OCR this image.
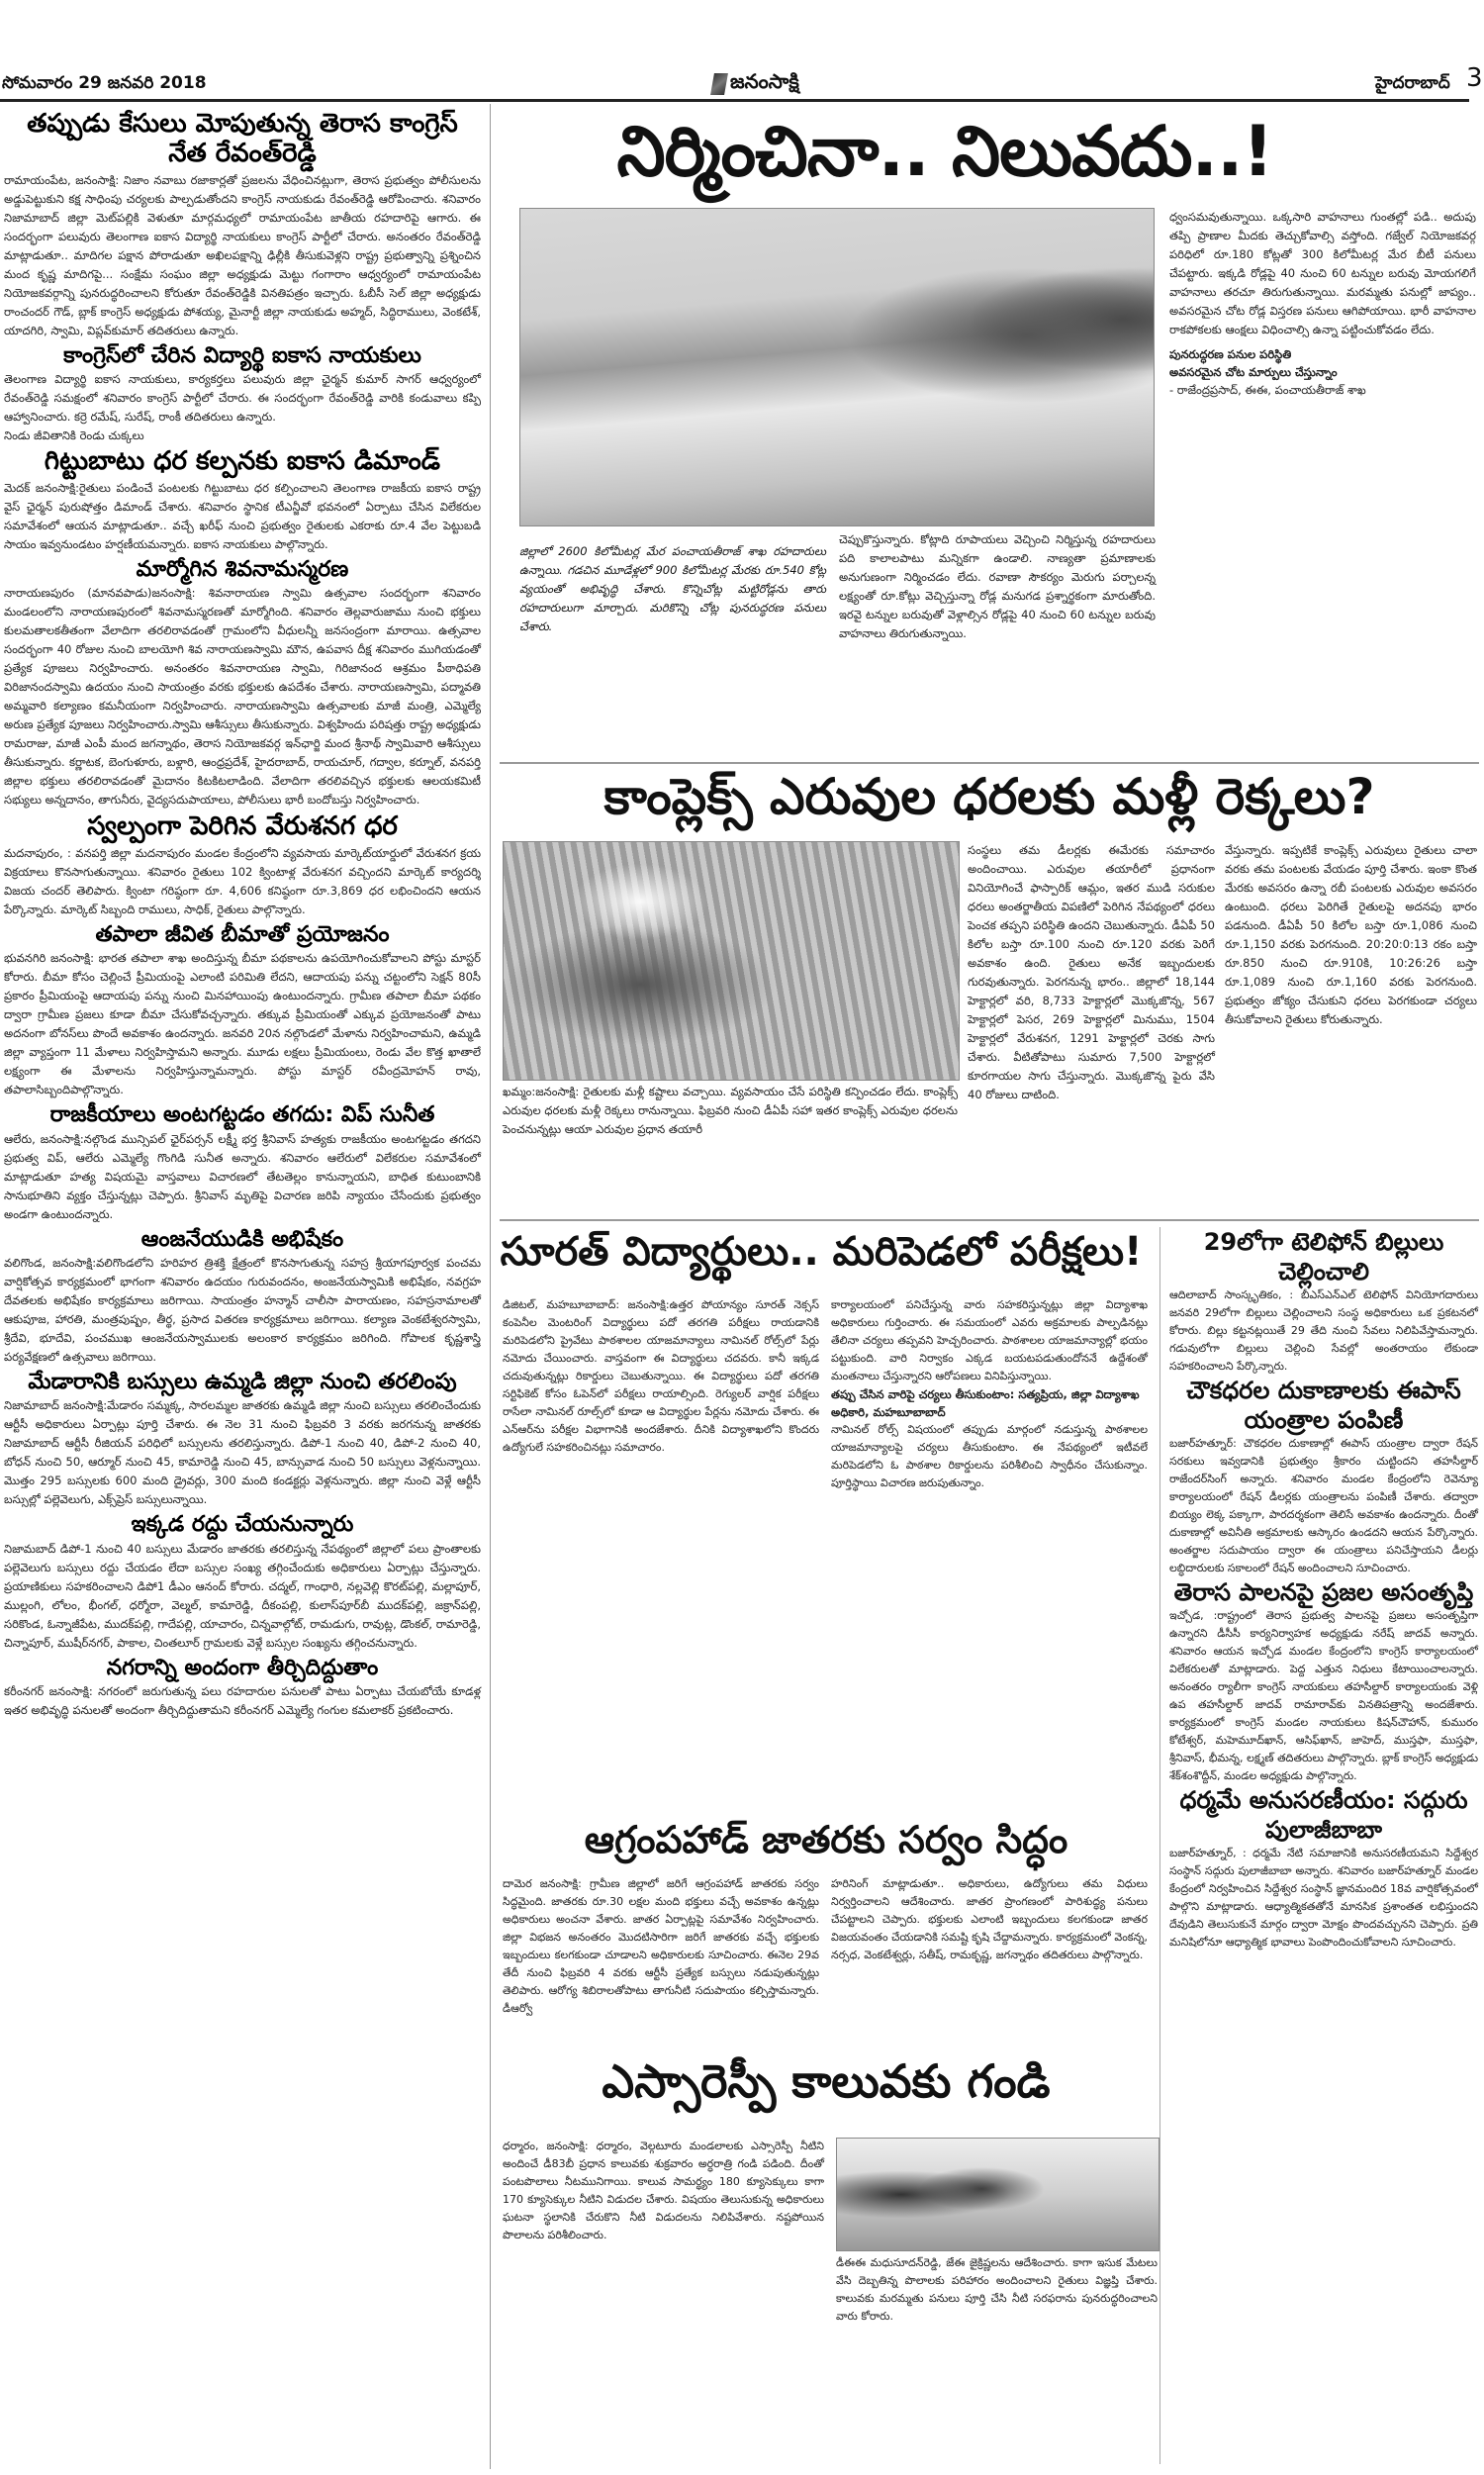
సోమవారం 29 జనవరి 2018	జనంసాక్షి	హైదరాబాద్ 3
తప్పుడు కేసులు మోపుతున్న తెరాస కాంగ్రెస్ నేత రేవంత్‌రెడ్డి

రామాయంపేట, జనంసాక్షి: నిజాం నవాబు రజాకార్లతో ప్రజలను వేధించినట్లుగా, తెరాస ప్రభుత్వం పోలీసులను అడ్డుపెట్టుకుని కక్ష సాధింపు చర్యలకు పాల్పడుతోందని కాంగ్రెస్ నాయకుడు రేవంత్‌రెడ్డి ఆరోపించారు. శనివారం నిజామాబాద్ జిల్లా మెట్‌పల్లికి వెళుతూ మార్గమధ్యలో రామాయంపేట జాతీయ రహదారిపై ఆగారు. ఈ సందర్భంగా పలువురు తెలంగాణ ఐకాస విద్యార్థి నాయకులు కాంగ్రెస్ పార్టీలో చేరారు. అనంతరం రేవంత్‌రెడ్డి మాట్లాడుతూ.. మాదిగల పక్షాన పోరాడుతూ అఖిలపక్షాన్ని ఢిల్లీకి తీసుకువెళ్లని రాష్ట్ర ప్రభుత్వాన్ని ప్రశ్నించిన మంద కృష్ణ మాదిగపై... సంక్షేమ సంఘం జిల్లా అధ్యక్షుడు మెట్టు గంగారాం ఆధ్వర్యంలో రామాయంపేట నియోజకవర్గాన్ని పునరుద్ధరించాలని కోరుతూ రేవంత్‌రెడ్డికి వినతిపత్రం ఇచ్చారు. ఓబీసీ సెల్ జిల్లా అధ్యక్షుడు రాంచందర్ గౌడ్, బ్లాక్ కాంగ్రెస్ అధ్యక్షుడు పోశయ్య, మైనార్టీ జిల్లా నాయకుడు అహ్మద్, సిద్ధిరాములు, వెంకటేశ్, యాదగిరి, స్వామి, విప్లవ్‌కుమార్ తదితరులు ఉన్నారు.

కాంగ్రెస్‌లో చేరిన విద్యార్థి ఐకాస నాయకులు

తెలంగాణ విద్యార్థి ఐకాస నాయకులు, కార్యకర్తలు పలువురు జిల్లా ఛైర్మన్ కుమార్ సాగర్ ఆధ్వర్యంలో రేవంత్‌రెడ్డి సమక్షంలో శనివారం కాంగ్రెస్ పార్టీలో చేరారు. ఈ సందర్భంగా రేవంత్‌రెడ్డి వారికి కండువాలు కప్పి ఆహ్వానించారు. కర్రె రమేష్, సురేష్, రాంకీ తదితరులు ఉన్నారు.

నిండు జీవితానికి రెండు చుక్కలు
గిట్టుబాటు ధర కల్పనకు ఐకాస డిమాండ్

మెదక్ జనంసాక్షి:రైతులు పండించే పంటలకు గిట్టుబాటు ధర కల్పించాలని తెలంగాణ రాజకీయ ఐకాస రాష్ట్ర వైస్ ఛైర్మన్ పురుషోత్తం డిమాండ్ చేశారు. శనివారం స్థానిక టీఎన్జీవో భవనంలో ఏర్పాటు చేసిన విలేకరుల సమావేశంలో ఆయన మాట్లాడుతూ.. వచ్చే ఖరీఫ్ నుంచి ప్రభుత్వం రైతులకు ఎకరాకు రూ.4 వేల పెట్టుబడి సాయం ఇవ్వనుండటం హర్షణీయమన్నారు. ఐకాస నాయకులు పాల్గొన్నారు.

మార్మోగిన శివనామస్మరణ

నారాయణపురం (మానవపాడు)జనంసాక్షి: శివనారాయణ స్వామి ఉత్సవాల సందర్భంగా శనివారం మండలంలోని నారాయణపురంలో శివనామస్మరణతో మార్మోగింది. శనివారం తెల్లవారుజాము నుంచి భక్తులు కులమతాలకతీతంగా వేలాదిగా తరలిరావడంతో గ్రామంలోని వీధులన్నీ జనసంద్రంగా మారాయి. ఉత్సవాల సందర్భంగా 40 రోజుల నుంచి బాలయోగి శివ నారాయణస్వామి మౌన, ఉపవాస దీక్ష శనివారం ముగియడంతో ప్రత్యేక పూజలు నిర్వహించారు. అనంతరం శివనారాయణ స్వామి, గిరిజానంద ఆశ్రమం పీఠాధిపతి విరిజానందస్వామి ఉదయం నుంచి సాయంత్రం వరకు భక్తులకు ఉపదేశం చేశారు. నారాయణస్వామి, పద్మావతి అమ్మవారి కల్యాణం కమనీయంగా నిర్వహించారు. నారాయణస్వామి ఉత్సవాలకు మాజీ మంత్రి, ఎమ్మెల్యే అరుణ ప్రత్యేక పూజలు నిర్వహించారు.స్వామి ఆశీస్సులు తీసుకున్నారు. విశ్వహిందు పరిషత్తు రాష్ట్ర అధ్యక్షుడు రామరాజు, మాజీ ఎంపీ మంద జగన్నాథం, తెరాస నియోజకవర్గ ఇన్‌ఛార్జి మంద శ్రీనాథ్ స్వామివారి ఆశీస్సులు తీసుకున్నారు. కర్ణాటక, బెంగుళూరు, బళ్లారి, ఆంధ్రప్రదేశ్, హైదరాబాద్, రాయచూర్, గద్వాల, కర్నూల్, వనపర్తి జిల్లాల భక్తులు తరలిరావడంతో మైదానం కిటకిటలాడింది. వేలాదిగా తరలివచ్చిన భక్తులకు ఆలయకమిటీ సభ్యులు అన్నదానం, తాగునీరు, వైద్యసదుపాయాలు, పోలీసులు భారీ బందోబస్తు నిర్వహించారు.

స్వల్పంగా పెరిగిన వేరుశనగ ధర

మదనాపురం, : వనపర్తి జిల్లా మదనాపురం మండల కేంద్రంలోని వ్యవసాయ మార్కెట్‌యార్డులో వేరుశనగ క్రయ విక్రయాలు కొనసాగుతున్నాయి. శనివారం రైతులు 102 క్వింటాళ్ల వేరుశనగ వచ్చిందని మార్కెట్ కార్యదర్శి విజయ చందర్ తెలిపారు. క్వింటా గరిష్ఠంగా రూ. 4,606 కనిష్ఠంగా రూ.3,869 ధర లభించిందని ఆయన పేర్కొన్నారు. మార్కెట్ సిబ్బంది రాములు, సాధిక్, రైతులు పాల్గొన్నారు.

తపాలా జీవిత బీమాతో ప్రయోజనం

భువనగిరి జనంసాక్షి: భారత తపాలా శాఖ అందిస్తున్న బీమా పథకాలను ఉపయోగించుకోవాలని పోస్టు మాస్టర్ కోరారు. బీమా కోసం చెల్లించే ప్రీమియంపై ఎలాంటి పరిమితి లేదని, ఆదాయపు పన్ను చట్టంలోని సెక్షన్ 80సీ ప్రకారం ప్రీమియంపై ఆదాయపు పన్ను నుంచి మినహాయింపు ఉంటుందన్నారు. గ్రామీణ తపాలా బీమా పథకం ద్వారా గ్రామీణ ప్రజలు కూడా బీమా చేసుకోవచ్చన్నారు. తక్కువ ప్రీమియంతో ఎక్కువ ప్రయోజనంతో పాటు అదనంగా బోనస్‌లు పొందే అవకాశం ఉందన్నారు. జనవరి 20న నల్గొండలో మేళాను నిర్వహించామని, ఉమ్మడి జిల్లా వ్యాప్తంగా 11 మేళాలు నిర్వహిస్తామని అన్నారు. మూడు లక్షలు ప్రీమియంలు, రెండు వేల కొత్త ఖాతాలే లక్ష్యంగా ఈ మేళాలను నిర్వహిస్తున్నామన్నారు. పోస్టు మాస్టర్ రవీంద్రమోహన్ రావు, తపాలాసిబ్బందిపాల్గొన్నారు.

రాజకీయాలు అంటగట్టడం తగదు: విప్ సునీత

ఆలేరు, జనంసాక్షి:నల్గొండ మున్సిపల్ ఛైర్‌పర్సన్ లక్ష్మీ భర్త శ్రీనివాస్ హత్యకు రాజకీయం అంటగట్టడం తగదని ప్రభుత్వ విప్, ఆలేరు ఎమ్మెల్యే గొంగిడి సునీత అన్నారు. శనివారం ఆలేరులో విలేకరుల సమావేశంలో మాట్లాడుతూ హత్య విషయమై వాస్తవాలు విచారణలో తేటతెల్లం కానున్నాయని, బాధిత కుటుంబానికి సానుభూతిని వ్యక్తం చేస్తున్నట్లు చెప్పారు. శ్రీనివాస్ మృతిపై విచారణ జరిపి న్యాయం చేసేందుకు ప్రభుత్వం అండగా ఉంటుందన్నారు.

ఆంజనేయుడికి అభిషేకం

వలిగొండ, జనంసాక్షి:వలిగొండలోని హరిహర త్రిశక్తి క్షేత్రంలో కొనసాగుతున్న సహస్ర శ్రీయాగపూర్వక పంచమ వార్షికోత్సవ కార్యక్రమంలో భాగంగా శనివారం ఉదయం గురువందనం, అంజనేయస్వామికి అభిషేకం, నవగ్రహ దేవతలకు అభిషేకం కార్యక్రమాలు జరిగాయి. సాయంత్రం హన్మాన్ చాలీసా పారాయణం, సహస్రనామాలతో ఆకుపూజ, హారతి, మంత్రపుష్పం, తీర్థ, ప్రసాద వితరణ కార్యక్రమాలు జరిగాయి. కల్యాణ వెంకటేశ్వరస్వామి, శ్రీదేవి, భూదేవి, పంచముఖ ఆంజనేయస్వాములకు అలంకార కార్యక్రమం జరిగింది. గోపాలక కృష్ణశాస్త్రి పర్యవేక్షణలో ఉత్సవాలు జరిగాయి.

మేడారానికి బస్సులు ఉమ్మడి జిల్లా నుంచి తరలింపు

నిజామాబాద్ జనంసాక్షి:మేడారం సమ్మక్క, సారలమ్మల జాతరకు ఉమ్మడి జిల్లా నుంచి బస్సులు తరలించేందుకు ఆర్టీసీ అధికారులు ఏర్పాట్లు పూర్తి చేశారు. ఈ నెల 31 నుంచి ఫిబ్రవరి 3 వరకు జరగనున్న జాతరకు నిజామాబాద్ ఆర్టీసీ రీజియన్ పరిధిలో బస్సులను తరలిస్తున్నారు. డిపో-1 నుంచి 40, డిపో-2 నుంచి 40, బోధన్ నుంచి 50, ఆర్మూర్ నుంచి 45, కామారెడ్డి నుంచి 45, బాన్సువాడ నుంచి 50 బస్సులు వెళ్లనున్నాయి. మొత్తం 295 బస్సులకు 600 మంది డ్రైవర్లు, 300 మంది కండక్టర్లు వెళ్లనున్నారు. జిల్లా నుంచి వెళ్లే ఆర్టీసీ బస్సుల్లో పల్లెవెలుగు, ఎక్స్‌ప్రెస్ బస్సులున్నాయి.

ఇక్కడ రద్దు చేయనున్నారు

నిజామబాద్ డిపో-1 నుంచి 40 బస్సులు మేడారం జాతరకు తరలిస్తున్న నేపథ్యంలో జిల్లాలో పలు ప్రాంతాలకు పల్లెవెలుగు బస్సులు రద్దు చేయడం లేదా బస్సుల సంఖ్య తగ్గించేందుకు అధికారులు ఏర్పాట్లు చేస్తున్నారు. ప్రయాణికులు సహకరించాలని డిపో1 డీఎం ఆనంద్ కోరారు. చద్మల్, గాంధారి, నల్లవెల్లి కొరట్‌పల్లి, మల్లాపూర్, ముల్లంగి, లోలం, భీంగల్, ధర్మోరా, వెల్మల్, కామారెడ్డి, దీకంపల్లి, కులాస్‌పూర్‌బీ ముదక్‌పల్లి, జక్రాన్‌పల్లి, సరికొండ, ఓన్నాజీపేట, ముదక్‌పల్లి, గాదేపల్లి, యాచారం, చిన్నవాల్గోట్, రామడుగు, రావుట్ల, డొంకల్, రామారెడ్డి, చిన్నాపూర్, ముషీర్‌నగర్, పాకాల, చింతలూర్ గ్రామలకు వెళ్లే బస్సుల సంఖ్యను తగ్గించనున్నారు.

నగరాన్ని అందంగా తీర్చిదిద్దుతాం

కరీంనగర్ జనంసాక్షి: నగరంలో జరుగుతున్న పలు రహదారుల పనులతో పాటు ఏర్పాటు చేయబోయే కూడళ్ల ఇతర అభివృద్ధి పనులతో అందంగా తీర్చిదిద్దుతామని కరీంనగర్ ఎమ్మెల్యే గంగుల కమలాకర్ ప్రకటించారు.

నిర్మించినా.. నిలువదు..!

జిల్లాలో 2600 కిలోమీటర్ల మేర పంచాయతీరాజ్ శాఖ రహదారులు ఉన్నాయి. గడచిన మూడేళ్లలో 900 కిలోమీటర్ల మేరకు రూ.540 కోట్ల వ్యయంతో అభివృద్ధి చేశారు. కొన్నిచోట్ల మట్టిరోడ్లను తారు రహదారులుగా మార్చారు. మరికొన్ని చోట్ల పునరుద్ధరణ పనులు చేశారు.

చెప్పుకొస్తున్నారు. కోట్లాది రూపాయలు వెచ్చించి నిర్మిస్తున్న రహదారులు పది కాలాలపాటు మన్నికగా ఉండాలి. నాణ్యతా ప్రమాణాలకు అనుగుణంగా నిర్మించడం లేదు. రవాణా సౌకర్యం మెరుగు పర్చాలన్న లక్ష్యంతో రూ.కోట్లు వెచ్చిస్తున్నా రోడ్ల మనుగడ ప్రశ్నార్థకంగా మారుతోంది. ఇరవై టన్నుల బరువుతో వెళ్లాల్సిన రోడ్లపై 40 నుంచి 60 టన్నుల బరువు వాహనాలు తిరుగుతున్నాయి.

ధ్వంసమవుతున్నాయి. ఒక్కసారి వాహనాలు గుంతల్లో పడి.. అదుపు తప్పి ప్రాణాల మీదకు తెచ్చుకోవాల్సి వస్తోంది. గజ్వేల్ నియోజకవర్గ పరిధిలో రూ.180 కోట్లతో 300 కిలోమీటర్ల మేర బీటీ పనులు చేపట్టారు. ఇక్కడి రోడ్లపై 40 నుంచి 60 టన్నుల బరువు మోయగలిగే వాహనాలు తరచూ తిరుగుతున్నాయి. మరమ్మతు పనుల్లో జాప్యం.. అవసరమైన చోట రోడ్ల విస్తరణ పనులు ఆగిపోయాయి. భారీ వాహనాల రాకపోకలకు ఆంక్షలు విధించాల్సి ఉన్నా పట్టించుకోవడం లేదు.

పునరుద్ధరణ పనుల పరిస్థితి
అవసరమైన చోట మార్పులు చేస్తున్నాం
- రాజేంద్రప్రసాద్, ఈఈ, పంచాయతీరాజ్ శాఖ
కాంప్లెక్స్ ఎరువుల ధరలకు మళ్లీ రెక్కలు?

ఖమ్మం:జనంసాక్షి: రైతులకు మళ్లీ కష్టాలు వచ్చాయి. వ్యవసాయం చేసే పరిస్థితి కన్పించడం లేదు. కాంప్లెక్స్ ఎరువుల ధరలకు మళ్లీ రెక్కలు రానున్నాయి. ఫిబ్రవరి నుంచి డీఏపీ సహా ఇతర కాంప్లెక్స్ ఎరువుల ధరలను పెంచనున్నట్లు ఆయా ఎరువుల ప్రధాన తయారీ

సంస్థలు తమ డీలర్లకు ఈమేరకు సమాచారం అందించాయి. ఎరువుల తయారీలో ప్రధానంగా వినియోగించే ఫాస్పారిక్ ఆమ్లం, ఇతర ముడి సరుకుల ధరలు అంతర్జాతీయ విపణిలో పెరిగిన నేపథ్యంలో ధరలు పెంచక తప్పని పరిస్థితి ఉందని చెబుతున్నారు. డీఏపీ 50 కిలోల బస్తా రూ.100 నుంచి రూ.120 వరకు పెరిగే అవకాశం ఉంది. రైతులు అనేక ఇబ్బందులకు గురవుతున్నారు. పెరగనున్న భారం.. జిల్లాలో 18,144 హెక్టార్లలో వరి, 8,733 హెక్టార్లలో మొక్కజొన్న, 567 హెక్టార్లలో పెసర, 269 హెక్టార్లలో మినుము, 1504 హెక్టార్లలో వేరుశనగ, 1291 హెక్టార్లలో చెరకు సాగు చేశారు. వీటితోపాటు సుమారు 7,500 హెక్టార్లలో కూరగాయల సాగు చేస్తున్నారు. మొక్కజొన్న పైరు వేసి 40 రోజులు దాటింది.

వేస్తున్నారు. ఇప్పటికే కాంప్లెక్స్ ఎరువులు రైతులు చాలా వరకు తమ పంటలకు వేయడం పూర్తి చేశారు. ఇంకా కొంత మేరకు అవసరం ఉన్నా రబీ పంటలకు ఎరువుల అవసరం ఉంటుంది. ధరలు పెరిగితే రైతులపై అదనపు భారం పడనుంది. డీఏపీ 50 కిలోల బస్తా రూ.1,086 నుంచి రూ.1,150 వరకు పెరగనుంది. 20:20:0:13 రకం బస్తా రూ.850 నుంచి రూ.910కి, 10:26:26 బస్తా రూ.1,089 నుంచి రూ.1,160 వరకు పెరగనుంది. ప్రభుత్వం జోక్యం చేసుకుని ధరలు పెరగకుండా చర్యలు తీసుకోవాలని రైతులు కోరుతున్నారు.

సూరత్ విద్యార్థులు.. మరిపెడలో పరీక్షలు!

డిజిటల్, మహబూబాబాద్: జనంసాక్షి:ఉత్తర పోయాన్యం సూరత్ నెక్సస్ కంపెనీల మెంటరింగ్ విద్యార్థులు పదో తరగతి పరీక్షలు రాయడానికి మరిపెడలోని ప్రైవేటు పాఠశాలల యాజమాన్యాలు నామినల్ రోల్స్‌లో పేర్లు నమోదు చేయించారు. వాస్తవంగా ఈ విద్యార్థులు చదవరు. కానీ ఇక్కడ చదువుతున్నట్లు రికార్డులు చెబుతున్నాయి. ఈ విద్యార్థులు పదో తరగతి సర్టిఫికెట్ కోసం ఓపెన్‌లో పరీక్షలు రాయాల్సింది. రెగ్యులర్ వార్షిక పరీక్షలు రాసేలా నామినల్ రూల్స్‌లో కూడా ఆ విద్యార్థుల పేర్లను నమోదు చేశారు. ఈ ఎన్ఆర్‌ను పరీక్షల విభాగానికి అందజేశారు. దీనికి విద్యాశాఖలోని కొందరు ఉద్యోగులే సహకరించినట్లు సమాచారం.

కార్యాలయంలో పనిచేస్తున్న వారు సహకరిస్తున్నట్లు జిల్లా విద్యాశాఖ అధికారులు గుర్తించారు. ఈ సమయంలో ఎవరు అక్రమాలకు పాల్పడినట్లు తేలినా చర్యలు తప్పవని హెచ్చరించారు. పాఠశాలల యాజమాన్యాల్లో భయం పట్టుకుంది. వారి నిర్వాకం ఎక్కడ బయటపడుతుందోననే ఉద్దేశంతో మంతనాలు చేస్తున్నారని ఆరోపణలు వినిపిస్తున్నాయి.

తప్పు చేసిన వారిపై చర్యలు తీసుకుంటాం: సత్యప్రియ, జిల్లా విద్యాశాఖ అధికారి, మహబూబాబాద్

నామినల్ రోల్స్ విషయంలో తప్పుడు మార్గంలో నడుస్తున్న పాఠశాలల యాజమాన్యాలపై చర్యలు తీసుకుంటాం. ఈ నేపథ్యంలో ఇటీవలే మరిపెడలోని ఓ పాఠశాల రికార్డులను పరిశీలించి స్వాధీనం చేసుకున్నాం. పూర్తిస్థాయి విచారణ జరుపుతున్నాం.

29లోగా టెలిఫోన్ బిల్లులు చెల్లించాలి

ఆదిలాబాద్ సాంస్కృతికం, : బీఎస్ఎన్ఎల్ టెలిఫోన్ వినియోగదారులు జనవరి 29లోగా బిల్లులు చెల్లించాలని సంస్థ అధికారులు ఒక ప్రకటనలో కోరారు. బిల్లు కట్టనట్లయితే 29 తేది నుంచి సేవలు నిలిపివేస్తామన్నారు. గడువులోగా బిల్లులు చెల్లించి సేవల్లో అంతరాయం లేకుండా సహకరించాలని పేర్కొన్నారు.

చౌకధరల దుకాణాలకు ఈపాస్ యంత్రాల పంపిణీ

బజార్‌హత్నూర్: చౌకధరల దుకాణాల్లో ఈపాస్ యంత్రాల ద్వారా రేషన్ సరకులు ఇవ్వడానికి ప్రభుత్వం శ్రీకారం చుట్టిందని తహసీల్దార్ రాజేందర్‌సింగ్ అన్నారు. శనివారం మండల కేంద్రంలోని రెవెన్యూ కార్యాలయంలో రేషన్ డీలర్లకు యంత్రాలను పంపిణీ చేశారు. తద్వారా బియ్యం లెక్క పక్కాగా, పారదర్శకంగా తెలిసే అవకాశం ఉందన్నారు. దీంతో దుకాణాల్లో అవినీతి అక్రమాలకు ఆస్కారం ఉండదని ఆయన పేర్కొన్నారు. అంతర్జాల సదుపాయం ద్వారా ఈ యంత్రాలు పనిచేస్తాయని డీలర్లు లబ్ధిదారులకు సకాలంలో రేషన్ అందించాలని సూచించారు.

తెరాస పాలనపై ప్రజల అసంతృప్తి

ఇచ్చోడ, :రాష్ట్రంలో తెరాస ప్రభుత్వ పాలనపై ప్రజలు అసంతృప్తిగా ఉన్నారని డీసీసీ కార్యనిర్వాహక అధ్యక్షుడు నరేష్ జాదవ్ అన్నారు. శనివారం ఆయన ఇచ్చోడ మండల కేంద్రంలోని కాంగ్రెస్ కార్యాలయంలో విలేకరులతో మాట్లాడారు. పెద్ద ఎత్తున నిధులు కేటాయించాలన్నారు. అనంతరం ర్యాలీగా కాంగ్రెస్ నాయకులు తహసీల్దార్ కార్యాలయంకు వెళ్లి ఉప తహసీల్దార్ జాదవ్ రామారావ్‌కు వినతిపత్రాన్ని అందజేశారు. కార్యక్రమంలో కాంగ్రెస్ మండల నాయకులు కిషన్‌చౌహాన్, కుమురం కోటేశ్వర్, మహెమూద్‌ఖాన్, ఆసిఫ్‌ఖాన్, జాహెద్, ముస్తఫా, ముస్తఫా, శ్రీనివాస్, భీమన్న, లక్ష్మణ్ తదితరులు పాల్గొన్నారు. బ్లాక్ కాంగ్రెస్ అధ్యక్షుడు శేక్‌శంశొద్దీన్, మండల అధ్యక్షుడు పాల్గొన్నారు.

ధర్మమే అనుసరణీయం: సద్గురు పులాజీబాబా

బజార్‌హత్నూర్, : ధర్మమే నేటి సమాజానికి అనుసరణీయమని సిద్దేశ్వర సంస్థాన్ సద్గురు పులాజీబాబా అన్నారు. శనివారం బజార్‌హత్నూర్ మండల కేంద్రంలో నిర్వహించిన సిద్దేశ్వర సంస్థాన్ జ్ఞానమందిర 18వ వార్షికోత్సవంలో పాల్గొని మాట్లాడారు. ఆధ్యాత్మికతతోనే మానసిక ప్రశాంతత లభిస్తుందని దేవుడిని తెలుసుకునే మార్గం ద్వారా మోక్షం పొందవచ్చునని చెప్పారు. ప్రతి మనిషిలోనూ ఆధ్యాత్మిక భావాలు పెంపొందించుకోవాలని సూచించారు.

ఆగ్రంపహాడ్ జాతరకు సర్వం సిద్ధం

దామెర జనంసాక్షి: గ్రామీణ జిల్లాలో జరిగే ఆగ్రంపహాడ్ జాతరకు సర్వం సిద్ధమైంది. జాతరకు రూ.30 లక్షల మంది భక్తులు వచ్చే అవకాశం ఉన్నట్లు అధికారులు అంచనా వేశారు. జాతర ఏర్పాట్లపై సమావేశం నిర్వహించారు. జిల్లా విభజన అనంతరం మొదటిసారిగా జరిగే జాతరకు వచ్చే భక్తులకు ఇబ్బందులు కలగకుండా చూడాలని అధికారులకు సూచించారు. ఈనెల 29వ తేదీ నుంచి ఫిబ్రవరి 4 వరకు ఆర్టీసీ ప్రత్యేక బస్సులు నడుపుతున్నట్లు తెలిపారు. ఆరోగ్య శిబిరాలతోపాటు తాగునీటి సదుపాయం కల్పిస్తామన్నారు. డీఆర్వో

హరినింగ్ మాట్లాడుతూ.. అధికారులు, ఉద్యోగులు తమ విధులు నిర్వర్తించాలని ఆదేశించారు. జాతర ప్రాంగణంలో పారిశుద్ధ్య పనులు చేపట్టాలని చెప్పారు. భక్తులకు ఎలాంటి ఇబ్బందులు కలగకుండా జాతర విజయవంతం చేయడానికి సమష్టి కృషి చేద్దామన్నారు. కార్యక్రమంలో వెంకన్న, నర్సధ, వెంకటేశ్వర్లు, సతీష్, రామకృష్ణ, జగన్నాథం తదితరులు పాల్గొన్నారు.

ఎస్సారెస్పీ కాలువకు గండి

ధర్మారం, జనంసాక్షి: ధర్మారం, వెల్గటూరు మండలాలకు ఎస్సారెస్పీ నీటిని అందించే డీ83బీ ప్రధాన కాలువకు శుక్రవారం అర్ధరాత్రి గండి పడింది. దీంతో పంటపొలాలు నీటమునిగాయి. కాలువ సామర్థ్యం 180 క్యూసెక్కులు కాగా 170 క్యూసెక్కుల నీటిని విడుదల చేశారు. విషయం తెలుసుకున్న అధికారులు ఘటనా స్థలానికి చేరుకొని నీటి విడుదలను నిలిపివేశారు. నష్టపోయిన పొలాలను పరిశీలించారు.

డీఈఈ మధుసూదన్‌రెడ్డి, జేఈ జైక్రిష్ణలను ఆదేశించారు. కాగా ఇసుక మేటలు వేసి దెబ్బతిన్న పొలాలకు పరిహారం అందించాలని రైతులు విజ్ఞప్తి చేశారు. కాలువకు మరమ్మతు పనులు పూర్తి చేసి నీటి సరఫరాను పునరుద్ధరించాలని వారు కోరారు.
